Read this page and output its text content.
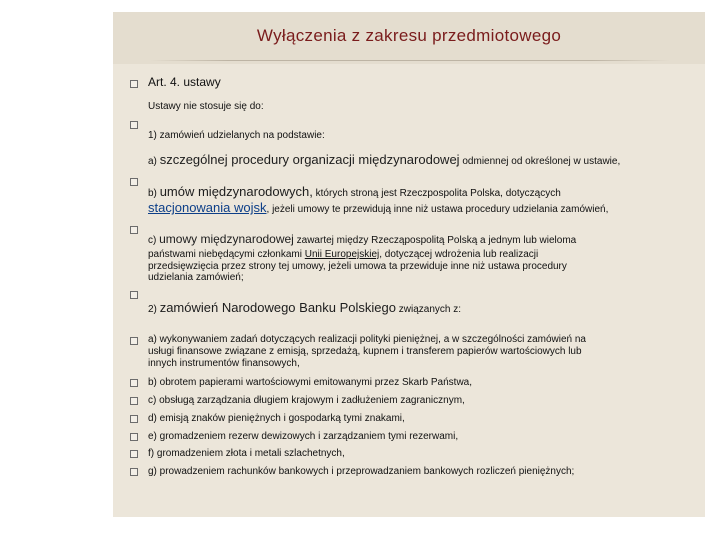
Wyłączenia z zakresu przedmiotowego
Art. 4. ustawy
Ustawy nie stosuje się do:
1) zamówień udzielanych na podstawie:
a) szczególnej procedury organizacji międzynarodowej odmiennej od określonej w ustawie,
b) umów międzynarodowych, których stroną jest Rzeczpospolita Polska, dotyczących
stacjonowania wojsk, jeżeli umowy te przewidują inne niż ustawa procedury udzielania zamówień,
c) umowy międzynarodowej zawartej między Rzecząpospolitą Polską a jednym lub wieloma
państwami niebędącymi członkami Unii Europejskiej, dotyczącej wdrożenia lub realizacji
przedsięwzięcia przez strony tej umowy, jeżeli umowa ta przewiduje inne niż ustawa procedury
udzielania zamówień;
2) zamówień Narodowego Banku Polskiego związanych z:
a) wykonywaniem zadań dotyczących realizacji polityki pieniężnej, a w szczególności zamówień na
usługi finansowe związane z emisją, sprzedażą, kupnem i transferem papierów wartościowych lub
innych instrumentów finansowych,
b) obrotem papierami wartościowymi emitowanymi przez Skarb Państwa,
c) obsługą zarządzania długiem krajowym i zadłużeniem zagranicznym,
d) emisją znaków pieniężnych i gospodarką tymi znakami,
e) gromadzeniem rezerw dewizowych i zarządzaniem tymi rezerwami,
f) gromadzeniem złota i metali szlachetnych,
g) prowadzeniem rachunków bankowych i przeprowadzaniem bankowych rozliczeń pieniężnych;
